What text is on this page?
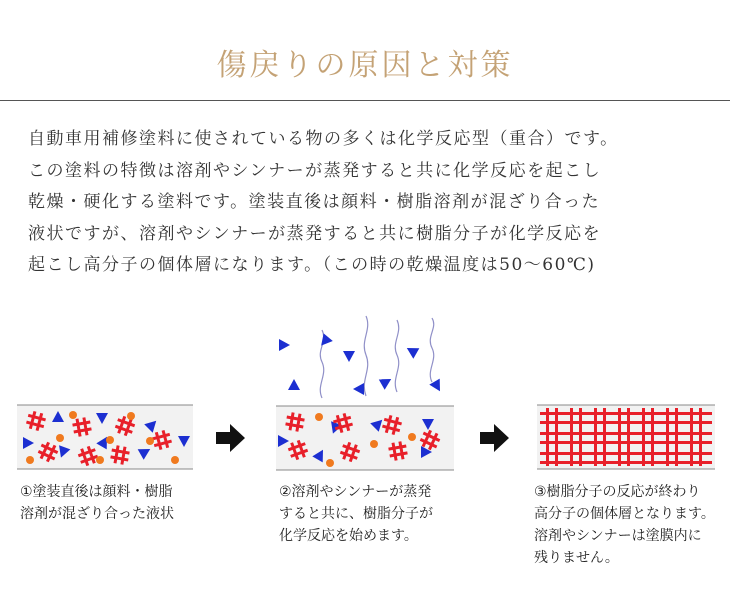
傷戻りの原因と対策
自動車用補修塗料に使されている物の多くは化学反応型（重合）です。
この塗料の特徴は溶剤やシンナーが蒸発すると共に化学反応を起こし
乾燥・硬化する塗料です。塗装直後は顔料・樹脂溶剤が混ざり合った
液状ですが、溶剤やシンナーが蒸発すると共に樹脂分子が化学反応を
起こし高分子の個体層になります。（この時の乾燥温度は50～60℃)
①塗装直後は顔料・樹脂
溶剤が混ざり合った液状
②溶剤やシンナーが蒸発
すると共に、樹脂分子が
化学反応を始めます。
③樹脂分子の反応が終わり
高分子の個体層となります。
溶剤やシンナーは塗膜内に
残りません。
